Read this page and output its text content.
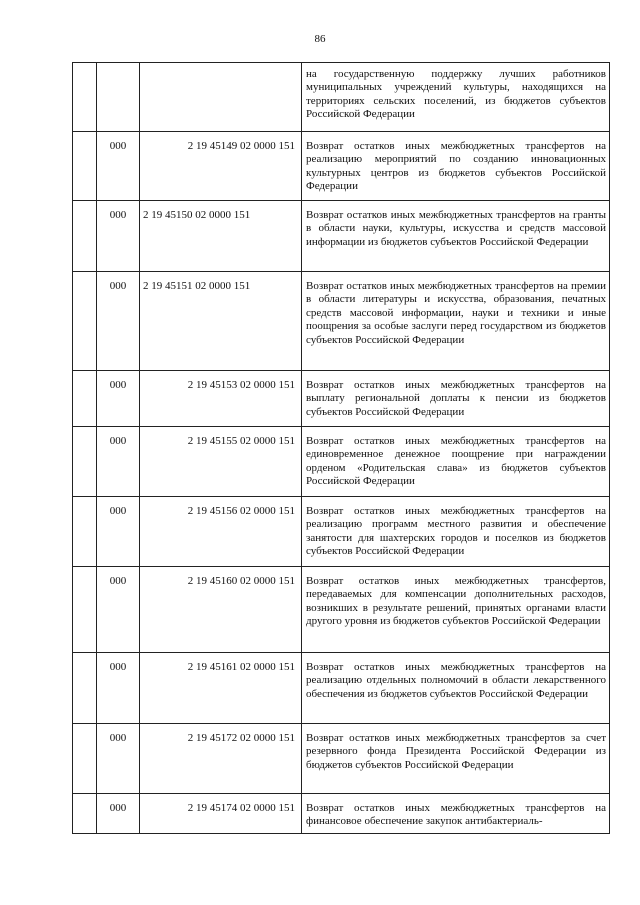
86
			на государственную поддержку лучших работников муниципальных учреждений культуры, находящихся на территориях сельских поселений, из бюджетов субъектов Российской Федерации
	000	2 19 45149 02 0000 151	Возврат остатков иных межбюджетных трансфертов на реализацию мероприятий по созданию инновационных культурных центров из бюджетов субъектов Российской Федерации
	000	2 19 45150 02 0000 151	Возврат остатков иных межбюджетных трансфертов на гранты в области науки, культуры, искусства и средств массовой информации из бюджетов субъектов Российской Федерации
	000	2 19 45151 02 0000 151	Возврат остатков иных межбюджетных трансфертов на премии в области литературы и искусства, образования, печатных средств массовой информации, науки и техники и иные поощрения за особые заслуги перед государством из бюджетов субъектов Российской Федерации
	000	2 19 45153 02 0000 151	Возврат остатков иных межбюджетных трансфертов на выплату региональной доплаты к пенсии из бюджетов субъектов Российской Федерации
	000	2 19 45155 02 0000 151	Возврат остатков иных межбюджетных трансфертов на единовременное денежное поощрение при награждении орденом «Родительская слава» из бюджетов субъектов Российской Федерации
	000	2 19 45156 02 0000 151	Возврат остатков иных межбюджетных трансфертов на реализацию программ местного развития и обеспечение занятости для шахтерских городов и поселков из бюджетов субъектов Российской Федерации
	000	2 19 45160 02 0000 151	Возврат остатков иных межбюджетных трансфертов, передаваемых для компенсации дополнительных расходов, возникших в результате решений, принятых органами власти другого уровня из бюджетов субъектов Российской Федерации
	000	2 19 45161 02 0000 151	Возврат остатков иных межбюджетных трансфертов на реализацию отдельных полномочий в области лекарственного обеспечения из бюджетов субъектов Российской Федерации
	000	2 19 45172 02 0000 151	Возврат остатков иных межбюджетных трансфертов за счет резервного фонда Президента Российской Федерации из бюджетов субъектов Российской Федерации
	000	2 19 45174 02 0000 151	Возврат остатков иных межбюджетных трансфертов на финансовое обеспечение закупок антибактериаль-
